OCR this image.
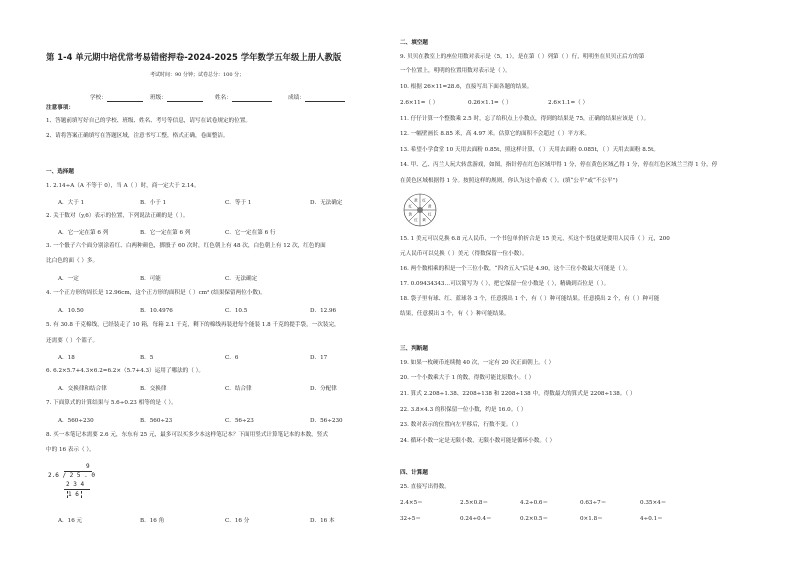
第 1-4 单元期中培优常考易错密押卷-2024-2025 学年数学五年级上册人教版
考试时间：90 分钟；试卷总分：100 分；
学校：	班级：	姓名：	成绩：
注意事项：
1、答题前填写好自己的学校、班级、姓名、考号等信息，请写在试卷规定的位置。
2、请将答案正确填写在答题区域，注意书写工整，格式正确，卷面整洁。
一、选择题
1. 2.14÷A（A 不等于 0），当 A（ ）时，商一定大于 2.14。
A．大于 1	B．小于 1	C．等于 1	D．无法确定
2. 关于数对（y,6）表示的位置，下列说法正确的是（ ）。
A．它一定在第 6 列	B．它一定在第 6 列	C．它一定在第 6 行
3. 一个骰子六个面分别涂着红、白两种颜色，掷骰子 60 次时，红色朝上有 48 次，白色朝上有 12 次，红色的面
比白色的面（ ）多。
A．一定	B．可能	C．无法确定
4. 一个正方形的周长是 12.96cm，这个正方形的面积是（ ）cm² (结果保留两位小数)。
A．10.50	B．10.4976	C．10.5	D．12.96
5. 有 30.8 千克棉线，已经装走了 10 箱，每箱 2.1 千克，剩下的棉线再装进每个能装 1.8 千克的提手袋，一次装完，
还需要（ ）个篮子。
A．18	B．5	C．6	D．17
6. 6.2×5.7+4.3×6.2=6.2×（5.7+4.3）运用了哪法的（ ）。
A．交换律和结合律	B．交换律	C．结合律	D．分配律
7. 下面算式的计算结果与 5.6÷0.23 相等的是（ ）。
A．560÷230	B．560÷23	C．56÷23	D．56÷230
8. 买一本笔记本需要 2.6 元，东东有 25 元，最多可以买多少本这样笔记本？下面用竖式计算笔记本的本数，竖式
中的 16 表示（ ）。
9
2.6 / 2 5 . 0
2 3 4
1 6
A．16 元	B．16 角	C．16 分	D．16 本
二、填空题
9. 贝贝在教室上的座位用数对表示是（5，1），是在第（ ）列第（ ）行，明明坐在贝贝正后方的第
一个位置上，明明的位置用数对表示是（ ）。
10. 根据 26×11=28.6，直接写出下面各题的结果。
2.6×11=（ ）	0.26×1.1=（ ）	2.6×1.1=（ ）
11. 仔仔计算一个整数乘 2.5 时，忘了给积点上小数点，得到的结果是 75，正确的结果应该是（ ）。
12. 一幅壁画长 8.85 米，高 4.97 米。估算它的面积不会超过（ ）平方米。
13. 希望小学食堂 10 天用去面粉 0.85t，照这样计算，（ ）天用去面粉 0.085t，（ ）天用去面粉 8.5t。
14. 甲、乙、丙兰人玩大转盘游戏，如图，指针停在红色区域甲得 1 分，停在黄色区域乙得 1 分，停在红色区域兰兰得 1 分，停
在黄色区域根据得 1 分。按照这样的规则，你认为这个游戏（ ）。(填“公平”或“不公平”)
红
黄
红
黄
红
黄
红
黄
15. 1 美元可以兑换 6.8 元人民币，一个书包单价折合是 15 美元，买这个书包就是要用人民币（ ）元，200
元人民币可以兑换（ ）美元（得数保留一位小数）。
16. 两个数相乘的积是一个三位小数，“四舍五入”后是 4.90，这个三位小数最大可能是（ ）。
17. 0.09434343…可以简写为（ ），把它保留一位小数是（ ），精确到百位是（ ）。
18. 袋子里有球、红、蓝球各 3 个，任意摸出 1 个，有（ ）种可能结果。任意摸出 2 个，有（ ）种可能
结果，任意摸出 3 个，有（ ）种可能结果。
三、判断题
19. 如果一枚硬币连续抛 40 次，一定有 20 次正面朝上。（ ）
20. 一个小数乘大于 1 的数，得数可能比原数小。（ ）
21. 算式 2.208÷1.38、2208÷138 和 2208÷138 中，得数最大的算式是 2208÷138。（ ）
22. 3.8×4.3 的积保留一位小数，约是 16.0。（ ）
23. 数对表示的位置向左平移后，行数不变。（ ）
24. 循环小数一定是无限小数，无限小数可能是循环小数。（ ）
四、计算题
25. 直接写出得数。
2.4×5＝	2.5×0.8＝	4.2÷0.6＝	0.63÷7＝	0.35×4＝
32÷5＝	0.24÷0.4＝	0.2×0.5＝	0×1.8＝	4÷0.1＝
